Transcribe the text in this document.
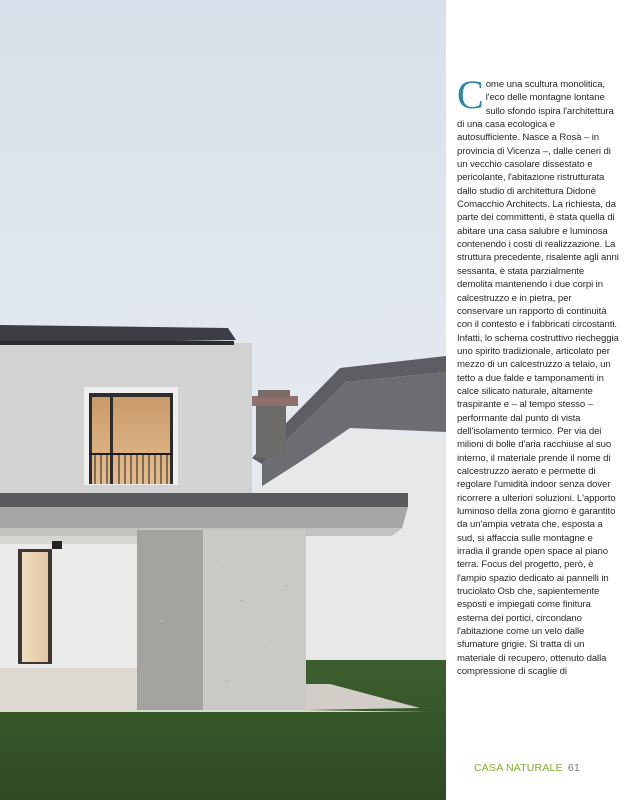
C ome una scultura monolitica, l'eco delle montagne lontane sullo sfondo ispira l'architettura di una casa ecologica e autosufficiente. Nasce a Rosà – in provincia di Vicenza –, dalle ceneri di un vecchio casolare dissestato e pericolante, l'abitazione ristrutturata dallo studio di architettura Didonè Comacchio Architects. La richiesta, da parte dei committenti, è stata quella di abitare una casa salubre e luminosa contenendo i costi di realizzazione. La struttura precedente, risalente agli anni sessanta, è stata parzialmente demolita mantenendo i due corpi in calcestruzzo e in pietra, per conservare un rapporto di continuità con il contesto e i fabbricati circostanti. Infatti, lo schema costruttivo riecheggia uno spirito tradizionale, articolato per mezzo di un calcestruzzo a telaio, un tetto a due falde e tamponamenti in calce silicato naturale, altamente traspirante e – al tempo stesso – performante dal punto di vista dell'isolamento termico. Per via dei milioni di bolle d'aria racchiuse al suo interno, il materiale prende il nome di calcestruzzo aerato e permette di regolare l'umidità indoor senza dover ricorrere a ulteriori soluzioni. L'apporto luminoso della zona giorno è garantito da un'ampia vetrata che, esposta a sud, si affaccia sulle montagne e irradia il grande open space al piano terra. Focus del progetto, però, è l'ampio spazio dedicato ai pannelli in truciolato Osb che, sapientemente esposti e impiegati come finitura esterna dei portici, circondano l'abitazione come un velo dalle sfumature grigie. Si tratta di un materiale di recupero, ottenuto dalla compressione di scaglie di

CASA NATURALE 61
